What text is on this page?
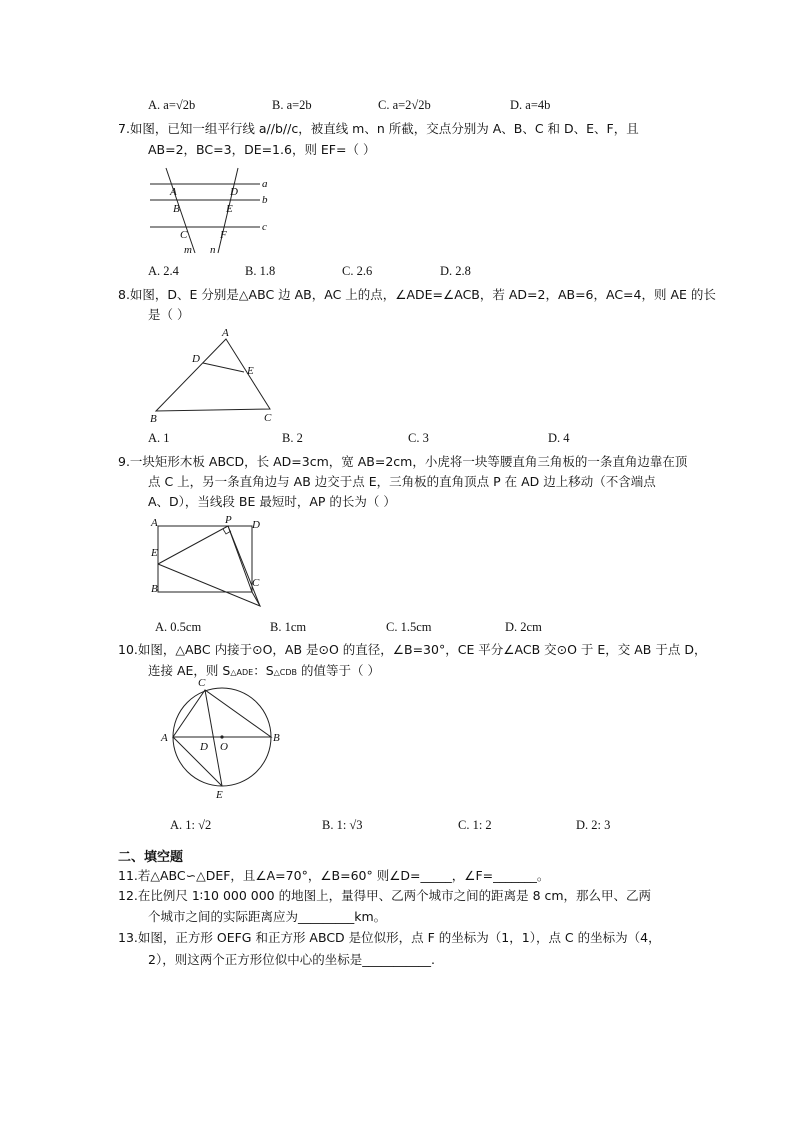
A. a=√2b	B. a=2b	C. a=2√2b	D. a=4b
7.如图，已知一组平行线 a//b//c，被直线 m、n 所截，交点分别为 A、B、C 和 D、E、F，且
AB=2，BC=3，DE=1.6，则 EF=（ ）
A
B
C
D
E
F
m n
a
b
c
A. 2.4	B. 1.8	C. 2.6	D. 2.8
8.如图，D、E 分别是△ABC 边 AB，AC 上的点，∠ADE=∠ACB，若 AD=2，AB=6，AC=4，则 AE 的长
是（ ）
A
D
E
B	C
A. 1	B. 2	C. 3	D. 4
9.一块矩形木板 ABCD，长 AD=3cm，宽 AB=2cm，小虎将一块等腰直角三角板的一条直角边靠在顶
点 C 上，另一条直角边与 AB 边交于点 E，三角板的直角顶点 P 在 AD 边上移动（不含端点
A、D），当线段 BE 最短时，AP 的长为（ ）
A	P D
E
B	C
A. 0.5cm	B. 1cm	C. 1.5cm	D. 2cm
10.如图，△ABC 内接于⊙O，AB 是⊙O 的直径，∠B=30°，CE 平分∠ACB 交⊙O 于 E，交 AB 于点 D，
连接 AE，则 S△ADE：S△CDB 的值等于（ ）
C
A
D O
B
E
A. 1: √2	B. 1: √3	C. 1: 2	D. 2: 3
二、填空题
11.若△ABC∽△DEF，且∠A=70°，∠B=60° 则∠D=_____，∠F=_______。
12.在比例尺 1∶10 000 000 的地图上，量得甲、乙两个城市之间的距离是 8 cm，那么甲、乙两
个城市之间的实际距离应为_________km。
13.如图，正方形 OEFG 和正方形 ABCD 是位似形，点 F 的坐标为（1，1），点 C 的坐标为（4，
2），则这两个正方形位似中心的坐标是___________.
